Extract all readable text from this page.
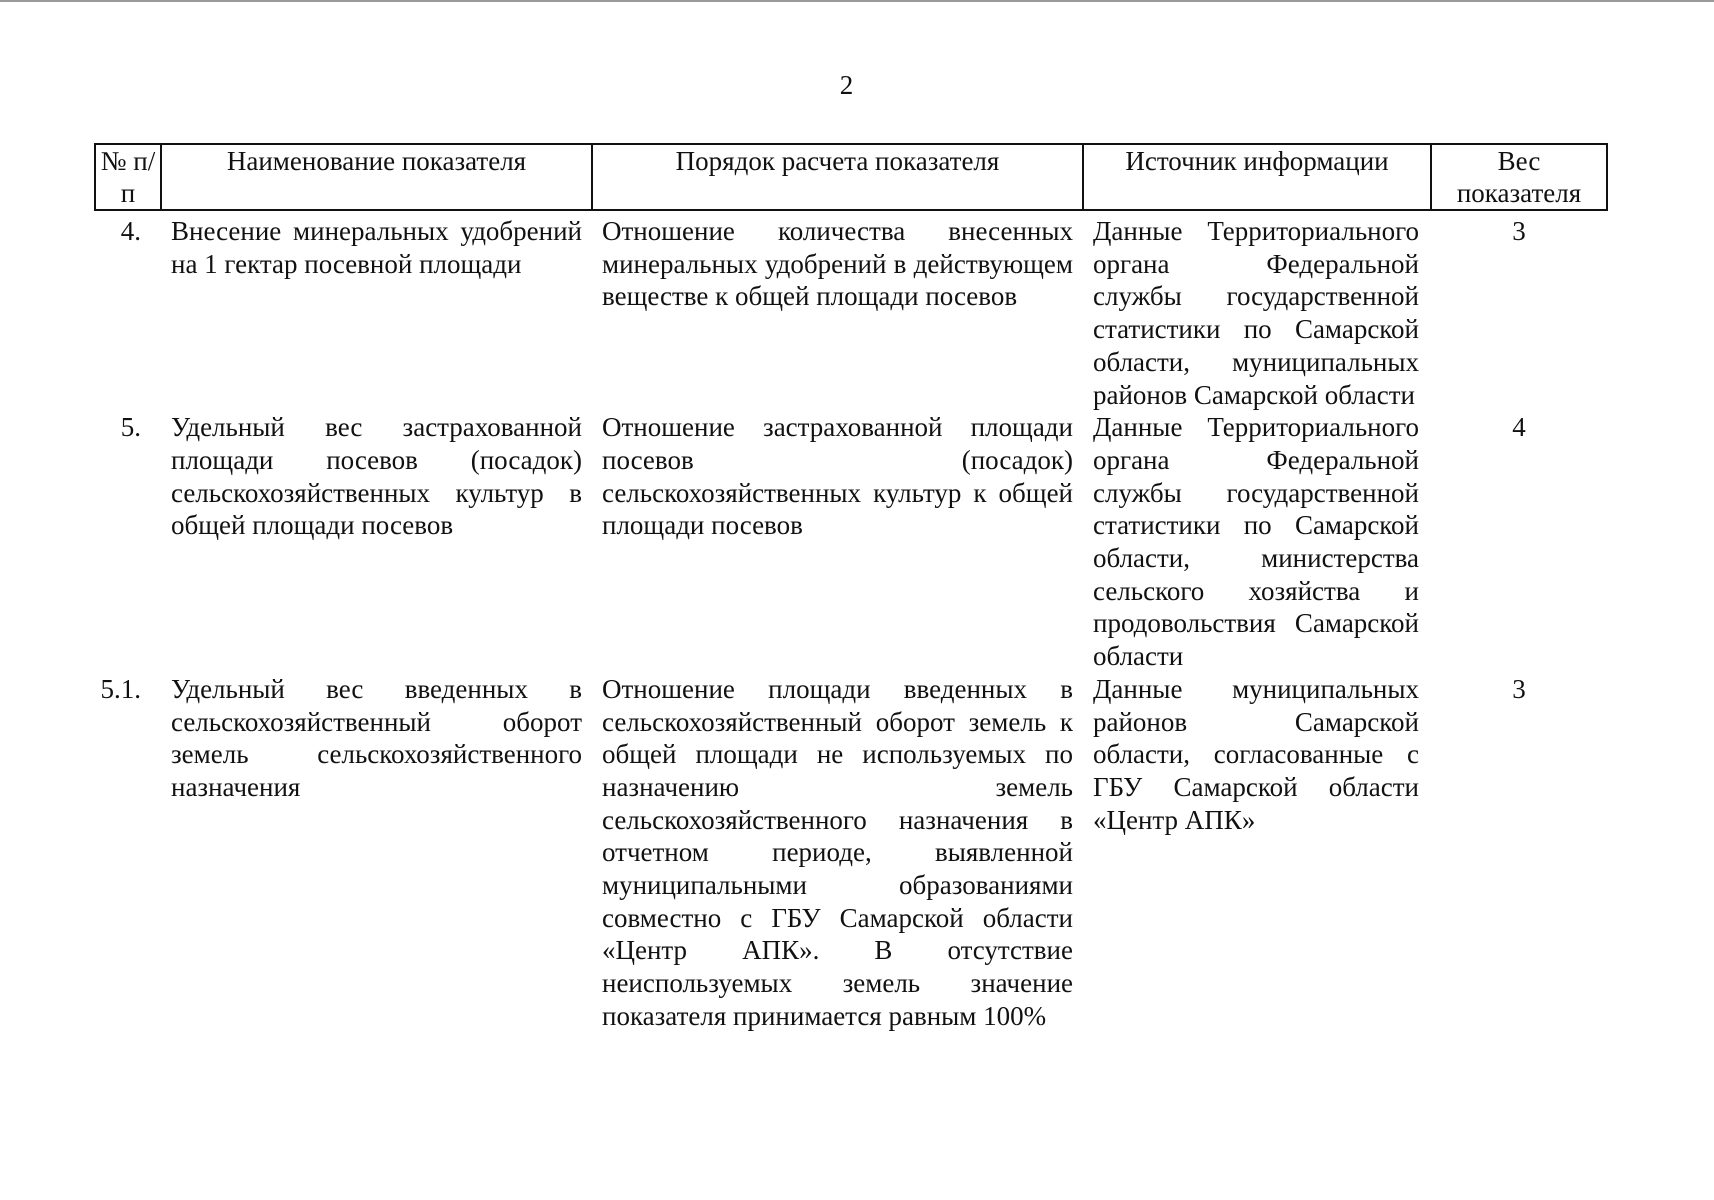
2
№ п/п	Наименование показателя	Порядок расчета показателя	Источник информации	Вес показателя
4.	Внесение минеральных удобрений на 1 гектар посевной площади	Отношение количества внесенных минеральных удобрений в действующем веществе к общей площади посевов	Данные Территориального органа Федеральной службы государственной статистики по Самарской области, муниципальных районов Самарской области	3
5.	Удельный вес застрахованной площади посевов (посадок) сельскохозяйственных культур в общей площади посевов	Отношение застрахованной площади посевов (посадок) сельскохозяйственных культур к общей площади посевов	Данные Территориального органа Федеральной службы государственной статистики по Самарской области, министерства сельского хозяйства и продовольствия Самарской области	4
5.1.	Удельный вес введенных в сельскохозяйственный оборот земель сельскохозяйственного назначения	Отношение площади введенных в сельскохозяйственный оборот земель к общей площади не используемых по назначению земель сельскохозяйственного назначения в отчетном периоде, выявленной муниципальными образованиями совместно с ГБУ Самарской области «Центр АПК». В отсутствие неиспользуемых земель значение показателя принимается равным 100%	Данные муниципальных районов Самарской области, согласованные с ГБУ Самарской области «Центр АПК»	3
